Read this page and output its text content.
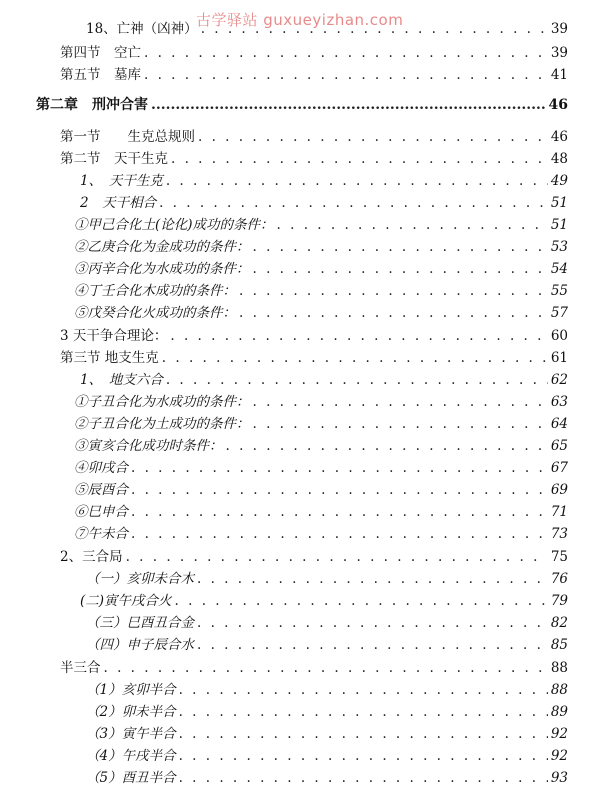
古学驿站 guxueyizhan.com
18、亡神（凶神） . . .	39
第四节　空亡 . . .	39
第五节　墓库 . . .	41
第二章　刑冲合害 .....	46
第一节　　生克总规则 . . .	46
第二节　天干生克 . . .	48
1、　天干生克 . . .	49
2　天干相合 . . .	51
①甲己合化土(论化)成功的条件： . . .	51
②乙庚合化为金成功的条件： . . .	53
③丙辛合化为水成功的条件： . . .	54
④丁壬合化木成功的条件： . . .	55
⑤戊癸合化火成功的条件： . . .	57
3 天干争合理论： . . .	60
第三节 地支生克 . . .	61
1、　地支六合 . . .	62
①子丑合化为水成功的条件： . . .	63
②子丑合化为土成功的条件： . . .	64
③寅亥合化成功时条件： . . .	65
④卯戌合 . . .	67
⑤辰酉合 . . .	69
⑥巳申合 . . .	71
⑦午未合 . . .	73
2、三合局 . . .	75
（一）亥卯未合木 . . .	76
(二)寅午戌合火 . . .	79
（三）巳酉丑合金 . . .	82
（四）申子辰合水 . . .	85
半三合 . . .	88
（1）亥卯半合 . . .	88
（2）卯未半合 . . .	89
（3）寅午半合 . . .	92
（4）午戌半合 . . .	92
（5）酉丑半合 . . .	93
